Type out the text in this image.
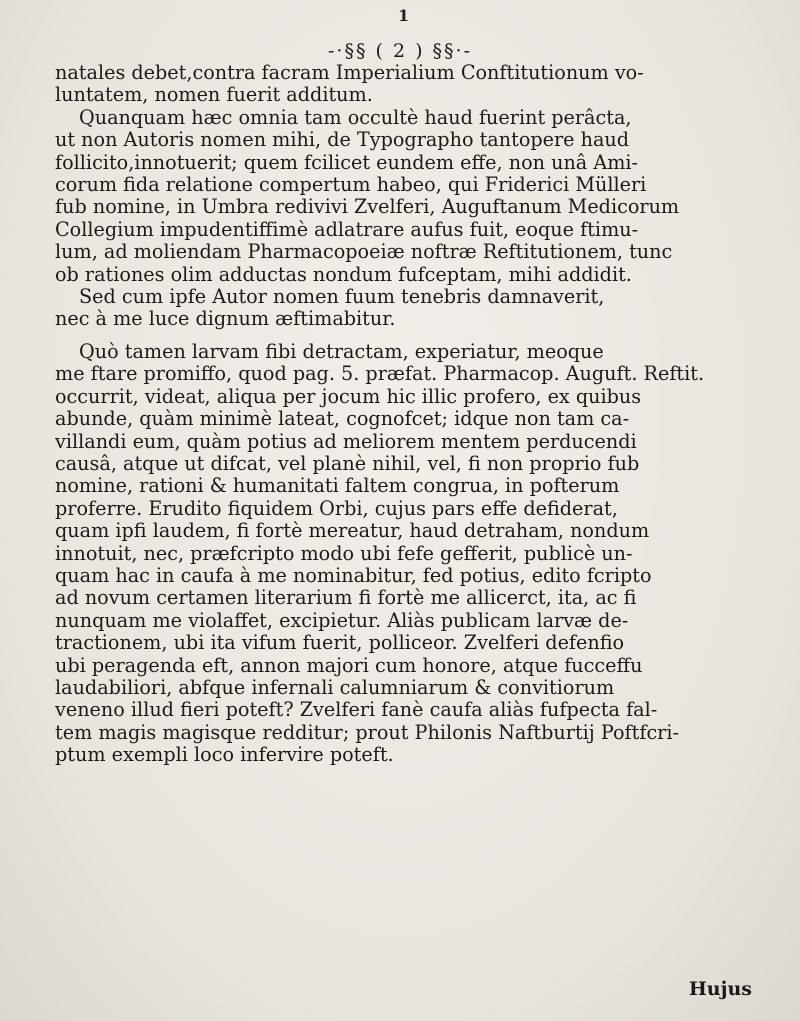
1
-·§§ ( 2 ) §§·-

natales debet,contra facram Imperialium Conftitutionum vo-
luntatem, nomen fuerit additum.

Quanquam hæc omnia tam occultè haud fuerint perâcta,
ut non Autoris nomen mihi, de Typographo tantopere haud
follicito,innotuerit; quem fcilicet eundem effe, non unâ Ami-
corum fida relatione compertum habeo, qui Friderici Mülleri
fub nomine, in Umbra redivivi Zvelferi, Auguftanum Medicorum
Collegium impudentiffimè adlatrare aufus fuit, eoque ftimu-
lum, ad moliendam Pharmacopoeiæ noftræ Reftitutionem, tunc
ob rationes olim adductas nondum fufceptam, mihi addidit.
Sed cum ipfe Autor nomen fuum tenebris damnaverit,
nec à me luce dignum æftimabitur.

Quò tamen larvam fibi detractam, experiatur, meoque
me ftare promiffo, quod pag. 5. præfat. Pharmacop. Auguft. Reftit.
occurrit, videat, aliqua per jocum hic illic profero, ex quibus
abunde, quàm minimè lateat, cognofcet; idque non tam ca-
villandi eum, quàm potius ad meliorem mentem perducendi
causâ, atque ut difcat, vel planè nihil, vel, fi non proprio fub
nomine, rationi & humanitati faltem congrua, in pofterum
proferre. Erudito fiquidem Orbi, cujus pars effe defiderat,
quam ipfi laudem, fi fortè mereatur, haud detraham, nondum
innotuit, nec, præfcripto modo ubi fefe gefferit, publicè un-
quam hac in caufa à me nominabitur, fed potius, edito fcripto
ad novum certamen literarium fi fortè me allicerct, ita, ac fi
nunquam me violaffet, excipietur. Aliàs publicam larvæ de-
tractionem, ubi ita vifum fuerit, polliceor. Zvelferi defenfio
ubi peragenda eft, annon majori cum honore, atque fucceffu
laudabiliori, abfque infernali calumniarum & convitiorum
veneno illud fieri poteft? Zvelferi fanè caufa aliàs fufpecta fal-
tem magis magisque redditur; prout Philonis Naftburtij Poftfcri-
ptum exempli loco infervire poteft.

Hujus
